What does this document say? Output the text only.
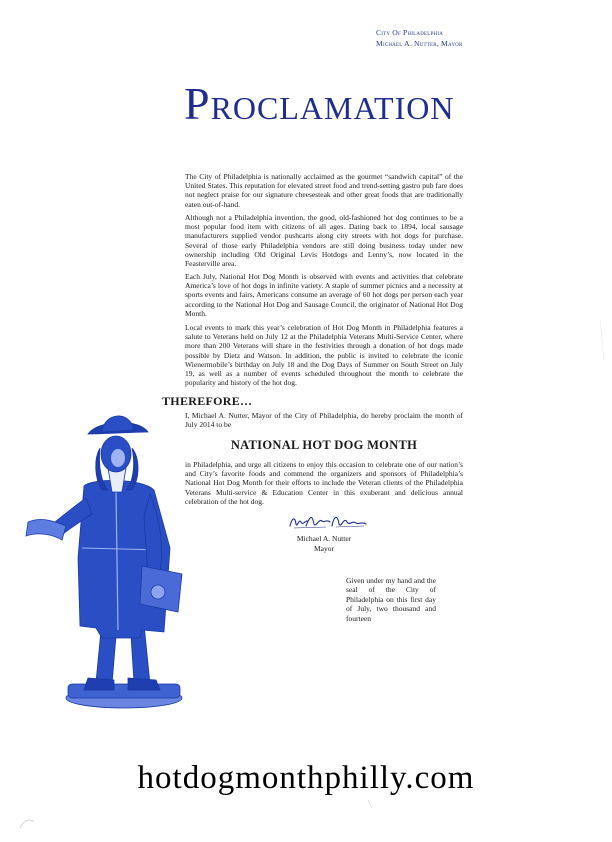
City Of Philadelphia
Michael A. Nutter, Mayor
Proclamation

The City of Philadelphia is nationally acclaimed as the gourmet “sandwich capital” of the United States. This reputation for elevated street food and trend-setting gastro pub fare does not neglect praise for our signature cheesesteak and other great foods that are traditionally eaten out-of-hand.

Although not a Philadelphia invention, the good, old-fashioned hot dog continues to be a most popular food item with citizens of all ages. Dating back to 1894, local sausage manufacturers supplied vendor pushcarts along city streets with hot dogs for purchase. Several of those early Philadelphia vendors are still doing business today under new ownership including Old Original Levis Hotdogs and Lenny’s, now located in the Feasterville area.

Each July, National Hot Dog Month is observed with events and activities that celebrate America’s love of hot dogs in infinite variety. A staple of summer picnics and a necessity at sports events and fairs, Americans consume an average of 60 hot dogs per person each year according to the National Hot Dog and Sausage Council, the originator of National Hot Dog Month.

Local events to mark this year’s celebration of Hot Dog Month in Philadelphia features a salute to Veterans held on July 12 at the Philadelphia Veterans Multi-Service Center, where more than 200 Veterans will share in the festivities through a donation of hot dogs made possible by Dietz and Watson. In addition, the public is invited to celebrate the iconic Wienermobile’s birthday on July 18 and the Dog Days of Summer on South Street on July 19, as well as a number of events scheduled throughout the month to celebrate the popularity and history of the hot dog.

THEREFORE…

I, Michael A. Nutter, Mayor of the City of Philadelphia, do hereby proclaim the month of July 2014 to be

NATIONAL HOT DOG MONTH

in Philadelphia, and urge all citizens to enjoy this occasion to celebrate one of our nation’s and City’s favorite foods and commend the organizers and sponsors of Philadelphia’s National Hot Dog Month for their efforts to include the Veteran clients of the Philadelphia Veterans Multi-service & Education Center in this exuberant and delicious annual celebration of the hot dog.

Michael A. Nutter
Mayor

Given under my hand and the seal of the City of Philadelphia on this first day of July, two thousand and fourteen

hotdogmonthphilly.com
